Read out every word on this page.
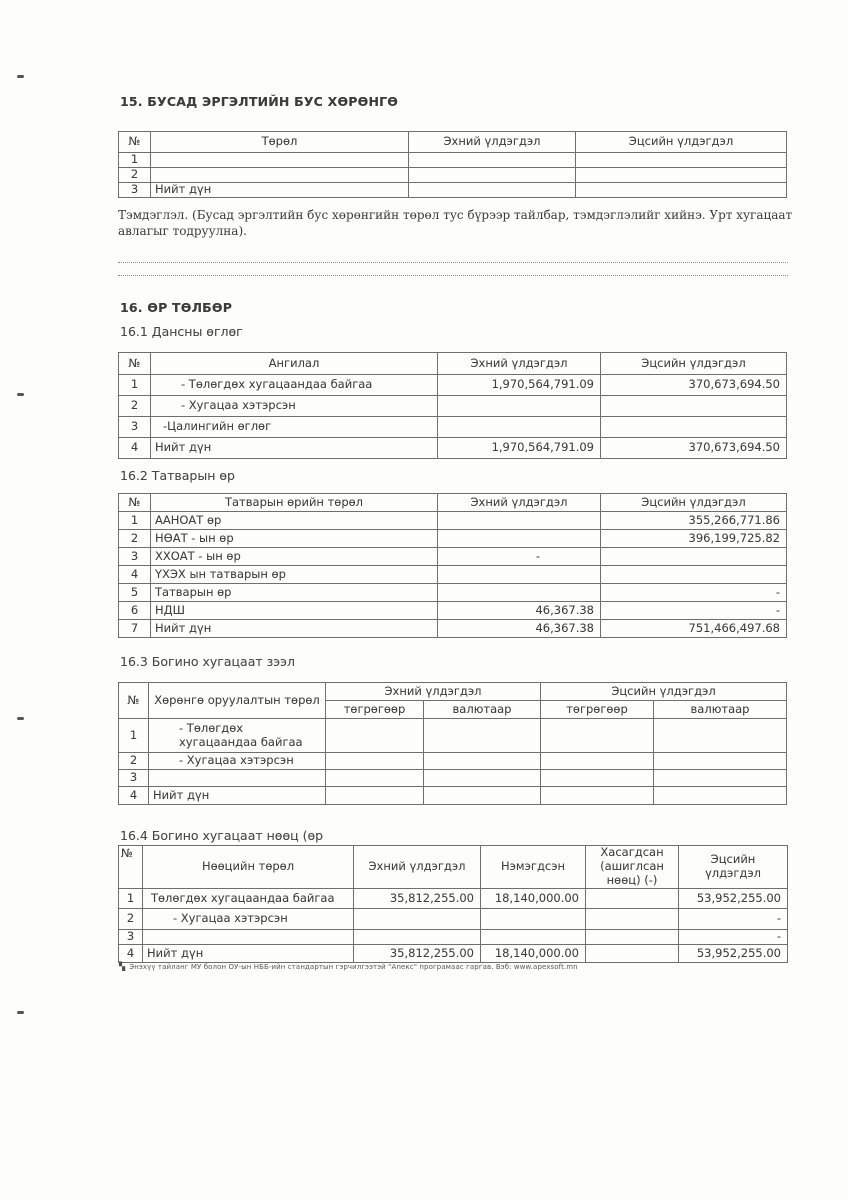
15. БУСАД ЭРГЭЛТИЙН БУС ХӨРӨНГӨ
№	Төрөл	Эхний үлдэгдэл	Эцсийн үлдэгдэл
1			
2			
3	Нийт дүн		
Тэмдэглэл. (Бусад эргэлтийн бус хөрөнгийн төрөл тус бүрээр тайлбар, тэмдэглэлийг хийнэ. Урт хугацаат авлагыг тодруулна).
16. ӨР ТӨЛБӨР
16.1 Дансны өглөг
№	Ангилал	Эхний үлдэгдэл	Эцсийн үлдэгдэл
1	- Төлөгдөх хугацаандаа байгаа	1,970,564,791.09	370,673,694.50
2	- Хугацаа хэтэрсэн		
3	-Цалингийн өглөг		
4	Нийт дүн	1,970,564,791.09	370,673,694.50
16.2 Татварын өр
№	Татварын өрийн төрөл	Эхний үлдэгдэл	Эцсийн үлдэгдэл
1	ААНОАТ өр		355,266,771.86
2	НӨАТ - ын өр		396,199,725.82
3	ХХОАТ - ын өр	-	
4	ҮХЭХ ын татварын өр		
5	Татварын өр		-
6	НДШ	46,367.38	-
7	Нийт дүн	46,367.38	751,466,497.68
16.3 Богино хугацаат зээл
№	Хөрөнгө оруулалтын төрөл	Эхний үлдэгдэл		Эцсийн үлдэгдэл	
		төгрөгөөр	валютаар	төгрөгөөр	валютаар
1	- Төлөгдөх хугацаандаа байгаа				
2	- Хугацаа хэтэрсэн				
3					
4	Нийт дүн				
16.4 Богино хугацаат нөөц (өр
№	Нөөцийн төрөл	Эхний үлдэгдэл	Нэмэгдсэн	Хасагдсан (ашиглсан нөөц) (-)	Эцсийн үлдэгдэл
1	Төлөгдөх хугацаандаа байгаа	35,812,255.00	18,140,000.00		53,952,255.00
2	- Хугацаа хэтэрсэн				-
3					-
4	Нийт дүн	35,812,255.00	18,140,000.00		53,952,255.00
▚ Энэхүү тайланг МУ болон ОУ-ын НББ-ийн стандартын гэрчилгээтэй "Апекс" програмаас гаргав. Вэб: www.apexsoft.mn
